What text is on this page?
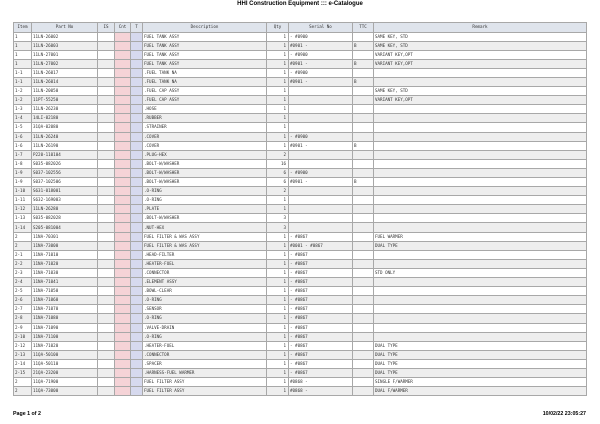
HHI Construction Equipment ::: e-Catalogue
Item	Part No	IS	Cnt	T	Description	Qty	Serial No	TTC	Remark
1	11LN-26002				FUEL TANK ASSY	1	- #0900		SAME KEY, STD
1	11LN-26003				FUEL TANK ASSY	1	#0901 -	B	SAME KEY, STD
1	11LN-27001				FUEL TANK ASSY	1	- #0900		VARIANT KEY,OPT
1	11LN-27002				FUEL TANK ASSY	1	#0901 -	B	VARIANT KEY,OPT
1-1	11LN-26017				.FUEL TANK NA	1	- #0900		
1-1	11LN-26014				.FUEL TANK NA	1	#0901 -	B	
1-2	11LN-20050				.FUEL CAP ASSY	1			SAME KEY, STD
1-2	11PT-55250				.FUEL CAP ASSY	1			VARIANT KEY,OPT
1-3	11LN-26230				.HOSE	1			
1-4	14LI-02180				.RUBBER	1			
1-5	31QA-02080				.STRAINER	1			
1-6	11LN-26240				.COVER	1	- #0900		
1-6	11LN-26190				.COVER	1	#0901 -	B	
1-7	P220-110104				.PLUG-HEX	2			
1-8	S035-082026				.BOLT-W/WASHER	16			
1-9	S037-102556				.BOLT-W/WASHER	6	- #0900		
1-9	S037-102506				.BOLT-W/WASHER	6	#0901 -	B	
1-10	S631-018001				.O-RING	2			
1-11	S632-169003				.O-RING	1			
1-12	11LN-26280				.PLATE	1			
1-13	S035-082028				.BOLT-W/WASHER	3			
1-14	S205-081004				.NUT-HEX	3			
2	11NA-70301				FUEL FILTER & WAS ASSY	1	- #0867		FUEL WARMER
2	11NA-73000				FUEL FILTER & WAS ASSY	1	#0001 - #0867		DUAL TYPE
2-1	11NA-71010				.HEAD-FILTER	1	- #0867		
2-2	11NA-71020				.HEATER-FUEL	1	- #0867		
2-3	11NA-71030				.CONNECTOR	1	- #0867		STD ONLY
2-4	11NA-71041				.ELEMENT ASSY	1	- #0867		
2-5	11NA-71050				.BOWL-CLEAR	1	- #0867		
2-6	11NA-71060				.O-RING	1	- #0867		
2-7	11NA-71070				.SENSOR	1	- #0867		
2-8	11NA-71080				.O-RING	1	- #0867		
2-9	11NA-71090				.VALVE-DRAIN	1	- #0867		
2-10	11NA-71100				.O-RING	1	- #0867		
2-12	11NA-71020				.HEATER-FUEL	1	- #0867		DUAL TYPE
2-13	11QA-50100				.CONNECTOR	1	- #0867		DUAL TYPE
2-14	11QA-50110				.SPACER	1	- #0867		DUAL TYPE
2-15	21QA-23200				.HARNESS-FUEL WARMER	1	- #0867		DUAL TYPE
2	11QA-71900				FUEL FILTER ASSY	1	#0868 -		SINGLE F/WARMER
2	11QA-73000				FUEL FILTER ASSY	1	#0868 -		DUAL F/WARMER
Page 1 of 2	10/02/22 23:05:27
